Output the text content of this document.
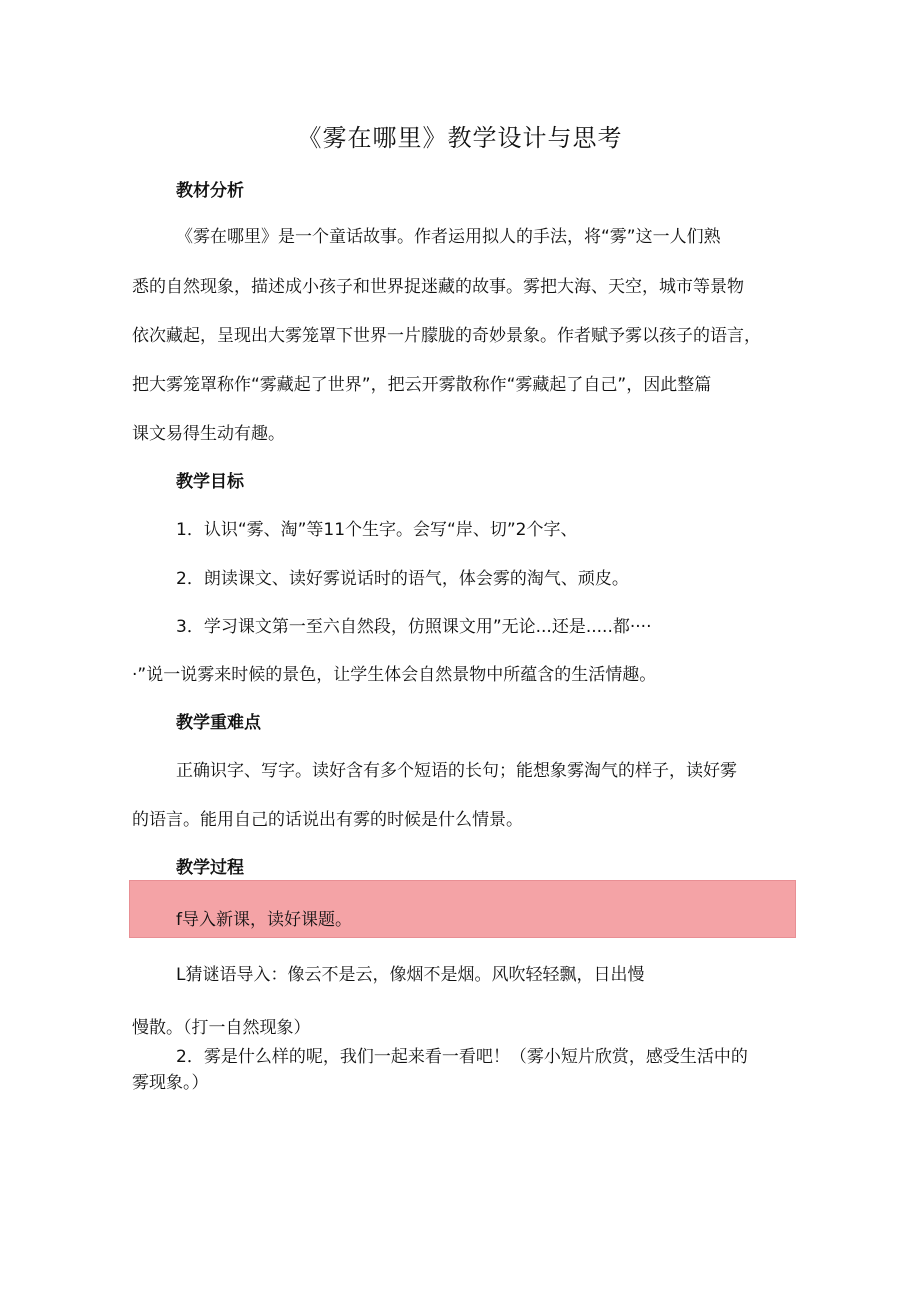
《雾在哪里》教学设计与思考
教材分析
《雾在哪里》是一个童话故事。作者运用拟人的手法，将“雾”这一人们熟
悉的自然现象，描述成小孩子和世界捉迷藏的故事。雾把大海、天空，城市等景物
依次藏起，呈现出大雾笼罩下世界一片朦胧的奇妙景象。作者赋予雾以孩子的语言，
把大雾笼罩称作“雾藏起了世界”，把云开雾散称作“雾藏起了自己”，因此整篇
课文易得生动有趣。
教学目标
1．认识“雾、淘”等11个生字。会写“岸、切”2个字、
2．朗读课文、读好雾说话时的语气，体会雾的淘气、顽皮。
3．学习课文第一至六自然段，仿照课文用”无论...还是.....都····
·”说一说雾来时候的景色，让学生体会自然景物中所蕴含的生活情趣。
教学重难点
正确识字、写字。读好含有多个短语的长句；能想象雾淘气的样子，读好雾
的语言。能用自己的话说出有雾的时候是什么情景。
教学过程
f导入新课，读好课题。
L猜谜语导入：像云不是云，像烟不是烟。风吹轻轻飘，日出慢
慢散。（打一自然现象）
2．雾是什么样的呢，我们一起来看一看吧！（雾小短片欣赏，感受生活中的
雾现象。）
